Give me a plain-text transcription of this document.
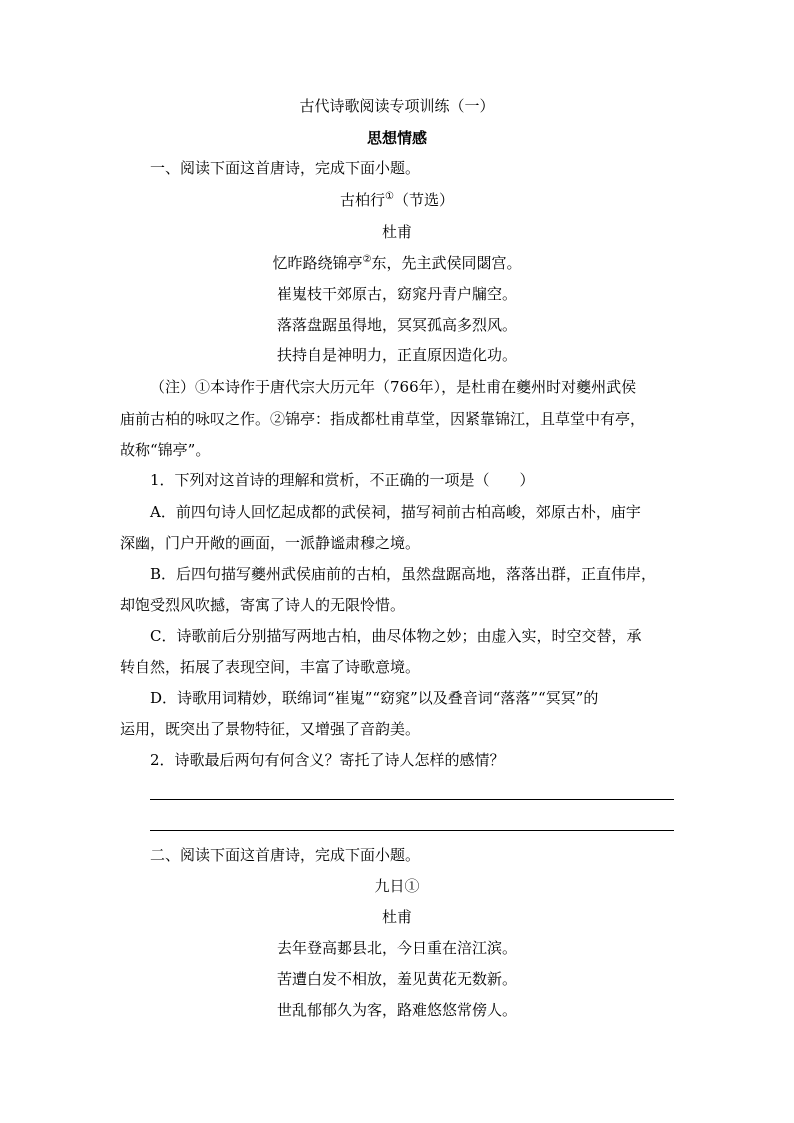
古代诗歌阅读专项训练（一）
思想情感
一、阅读下面这首唐诗，完成下面小题。
古柏行①（节选）
杜甫
忆昨路绕锦亭②东，先主武侯同閟宫。
崔嵬枝干郊原古，窈窕丹青户牖空。
落落盘踞虽得地，冥冥孤高多烈风。
扶持自是神明力，正直原因造化功。
（注）①本诗作于唐代宗大历元年（766年），是杜甫在夔州时对夔州武侯
庙前古柏的咏叹之作。②锦亭：指成都杜甫草堂，因紧靠锦江，且草堂中有亭，
故称“锦亭”。
1．下列对这首诗的理解和赏析，不正确的一项是（　　）
A．前四句诗人回忆起成都的武侯祠，描写祠前古柏高峻，郊原古朴，庙宇
深幽，门户开敞的画面，一派静谧肃穆之境。
B．后四句描写夔州武侯庙前的古柏，虽然盘踞高地，落落出群，正直伟岸，
却饱受烈风吹撼，寄寓了诗人的无限怜惜。
C．诗歌前后分别描写两地古柏，曲尽体物之妙；由虚入实，时空交替，承
转自然，拓展了表现空间，丰富了诗歌意境。
D．诗歌用词精妙，联绵词“崔嵬”“窈窕”以及叠音词“落落”“冥冥”的
运用，既突出了景物特征，又增强了音韵美。
2．诗歌最后两句有何含义？寄托了诗人怎样的感情？
二、阅读下面这首唐诗，完成下面小题。
九日①
杜甫
去年登高郪县北，今日重在涪江滨。
苦遭白发不相放，羞见黄花无数新。
世乱郁郁久为客，路难悠悠常傍人。
